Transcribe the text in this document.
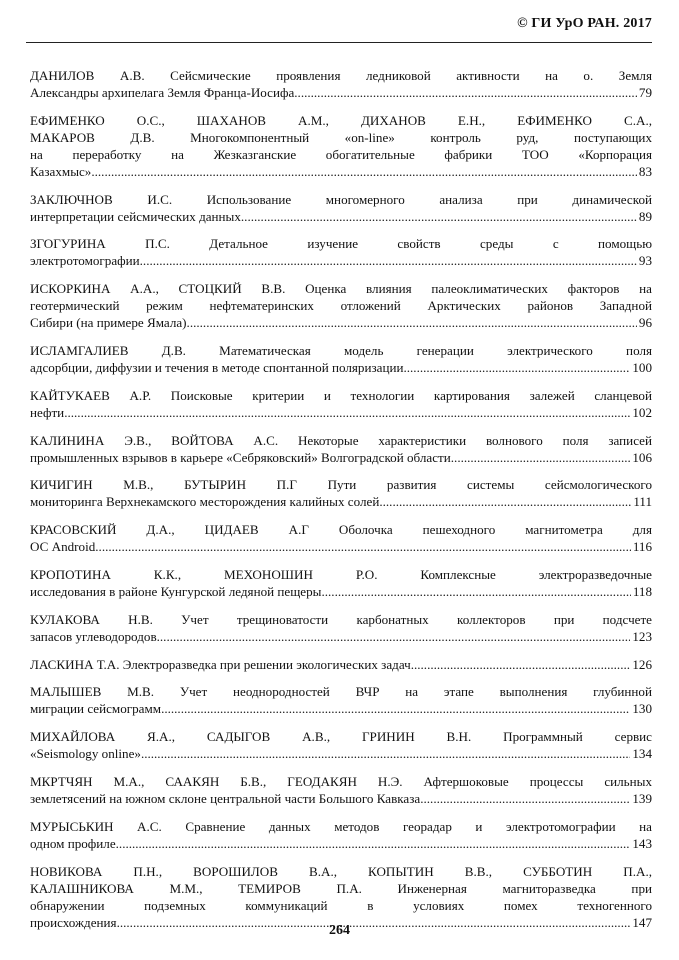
© ГИ УрО РАН. 2017
ДАНИЛОВ А.В. Сейсмические проявления ледниковой активности на о. Земля
Александры архипелага Земля Франца-Иосифа .....	79
ЕФИМЕНКО О.С., ШАХАНОВ А.М., ДИХАНОВ Е.Н., ЕФИМЕНКО С.А.,
МАКАРОВ Д.В. Многокомпонентный «on-line» контроль руд, поступающих
на переработку на Жезказганские обогатительные фабрики ТОО «Корпорация
Казахмыс» .....	83
ЗАКЛЮЧНОВ И.С. Использование многомерного анализа при динамической
интерпретации сейсмических данных .....	89
ЗГОГУРИНА П.С. Детальное изучение свойств среды с помощью
электротомографии .....	93
ИСКОРКИНА А.А., СТОЦКИЙ В.В. Оценка влияния палеоклиматических факторов на
геотермический режим нефтематеринских отложений Арктических районов Западной
Сибири (на примере Ямала) .....	96
ИСЛАМГАЛИЕВ Д.В. Математическая модель генерации электрического поля
адсорбции, диффузии и течения в методе спонтанной поляризации .....	100
КАЙТУКАЕВ А.Р. Поисковые критерии и технологии картирования залежей сланцевой
нефти .....	102
КАЛИНИНА Э.В., ВОЙТОВА А.С. Некоторые характеристики волнового поля записей
промышленных взрывов в карьере «Себряковский» Волгоградской области .....	106
КИЧИГИН М.В., БУТЫРИН П.Г Пути развития системы сейсмологического
мониторинга Верхнекамского месторождения калийных солей .....	111
КРАСОВСКИЙ Д.А., ЦИДАЕВ А.Г Оболочка пешеходного магнитометра для
ОС Android .....	116
КРОПОТИНА К.К., МЕХОНОШИН Р.О. Комплексные электроразведочные
исследования в районе Кунгурской ледяной пещеры .....	118
КУЛАКОВА Н.В. Учет трещиноватости карбонатных коллекторов при подсчете
запасов углеводородов .....	123
ЛАСКИНА Т.А. Электроразведка при решении экологических задач .....	126
МАЛЫШЕВ М.В. Учет неоднородностей ВЧР на этапе выполнения глубинной
миграции сейсмограмм .....	130
МИХАЙЛОВА Я.А., САДЫГОВ А.В., ГРИНИН В.Н. Программный сервис
«Seismology online» .....	134
МКРТЧЯН М.А., СААКЯН Б.В., ГЕОДАКЯН Н.Э. Афтершоковые процессы сильных
землетясений на южном склоне центральной части Большого Кавказа .....	139
МУРЫСЬКИН А.С. Сравнение данных методов георадар и электротомографии на
одном профиле .....	143
НОВИКОВА П.Н., ВОРОШИЛОВ В.А., КОПЫТИН В.В., СУББОТИН П.А.,
КАЛАШНИКОВА М.М., ТЕМИРОВ П.А. Инженерная магниторазведка при
обнаружении подземных коммуникаций в условиях помех техногенного
происхождения .....	147
264
